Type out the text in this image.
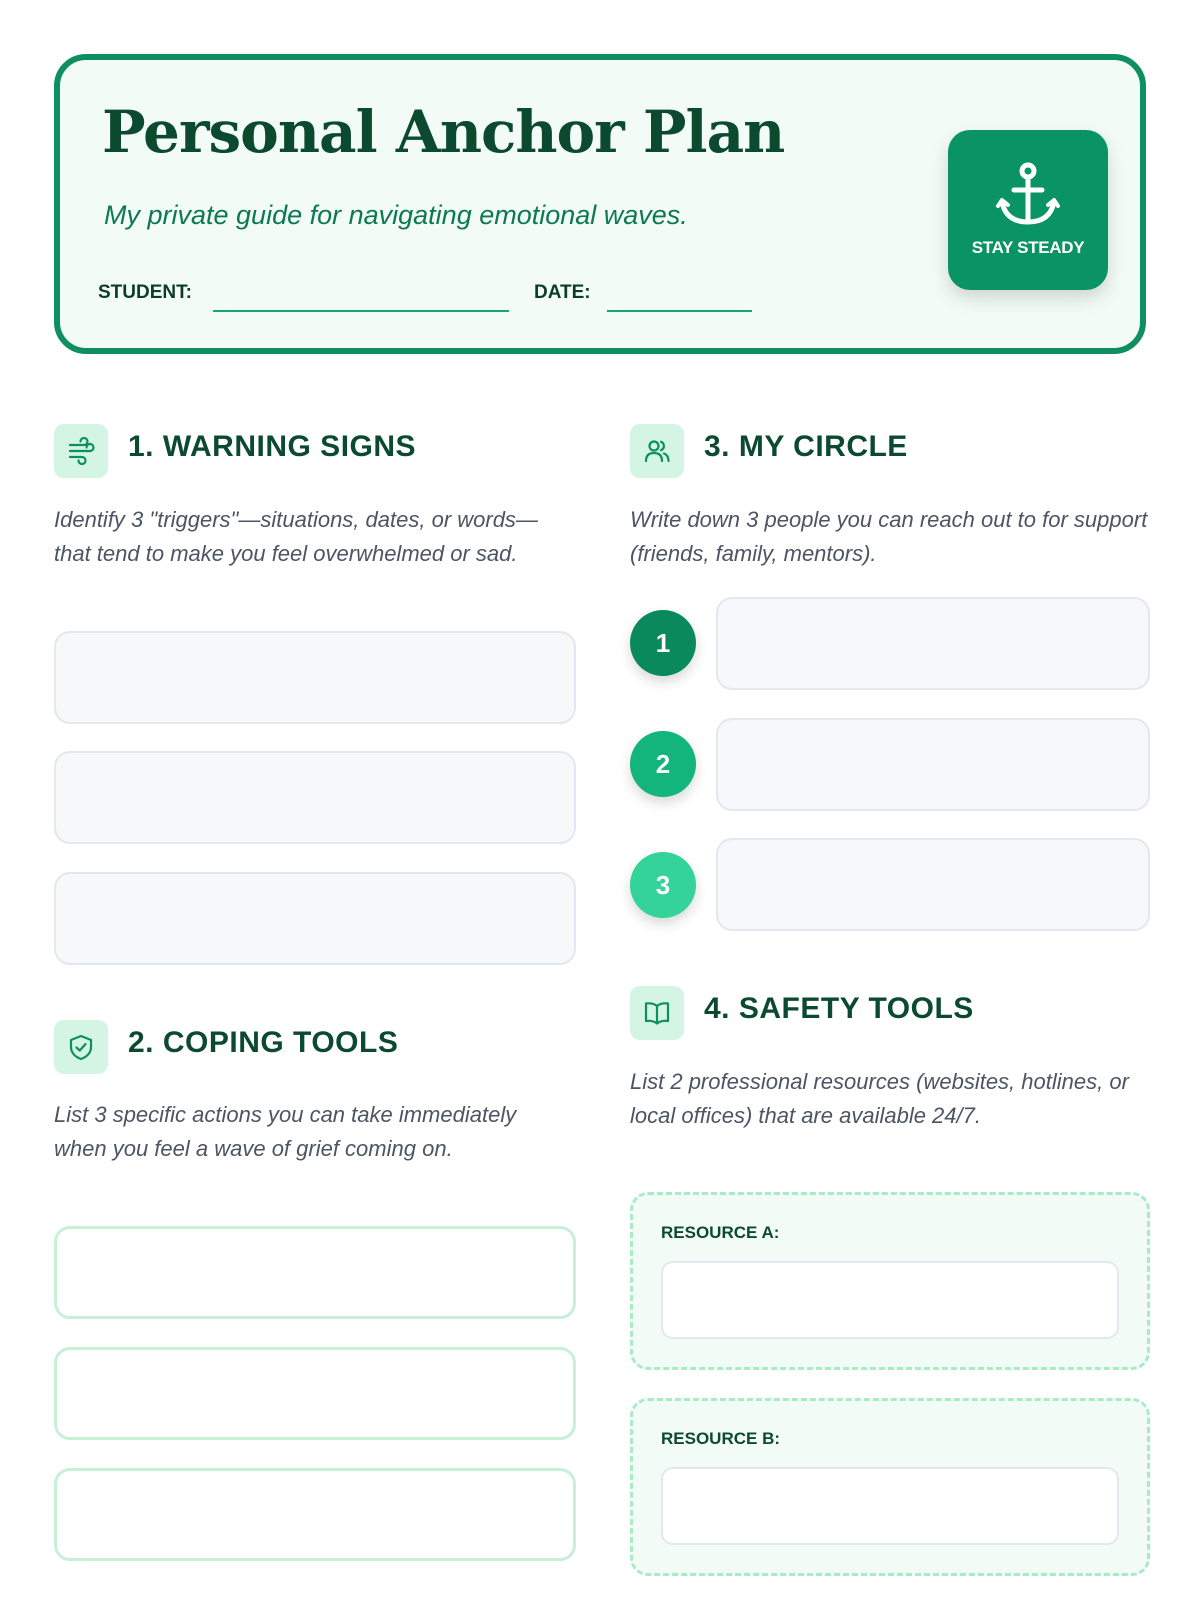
Personal Anchor Plan

My private guide for navigating emotional waves.

STUDENT:	DATE:
STAY STEADY
1. WARNING SIGNS

Identify 3 "triggers"—situations, dates, or words—that tend to make you feel overwhelmed or sad.

2. COPING TOOLS

List 3 specific actions you can take immediately when you feel a wave of grief coming on.

3. MY CIRCLE

Write down 3 people you can reach out to for support (friends, family, mentors).

1
2
3
4. SAFETY TOOLS

List 2 professional resources (websites, hotlines, or local offices) that are available 24/7.

RESOURCE A:
RESOURCE B:
